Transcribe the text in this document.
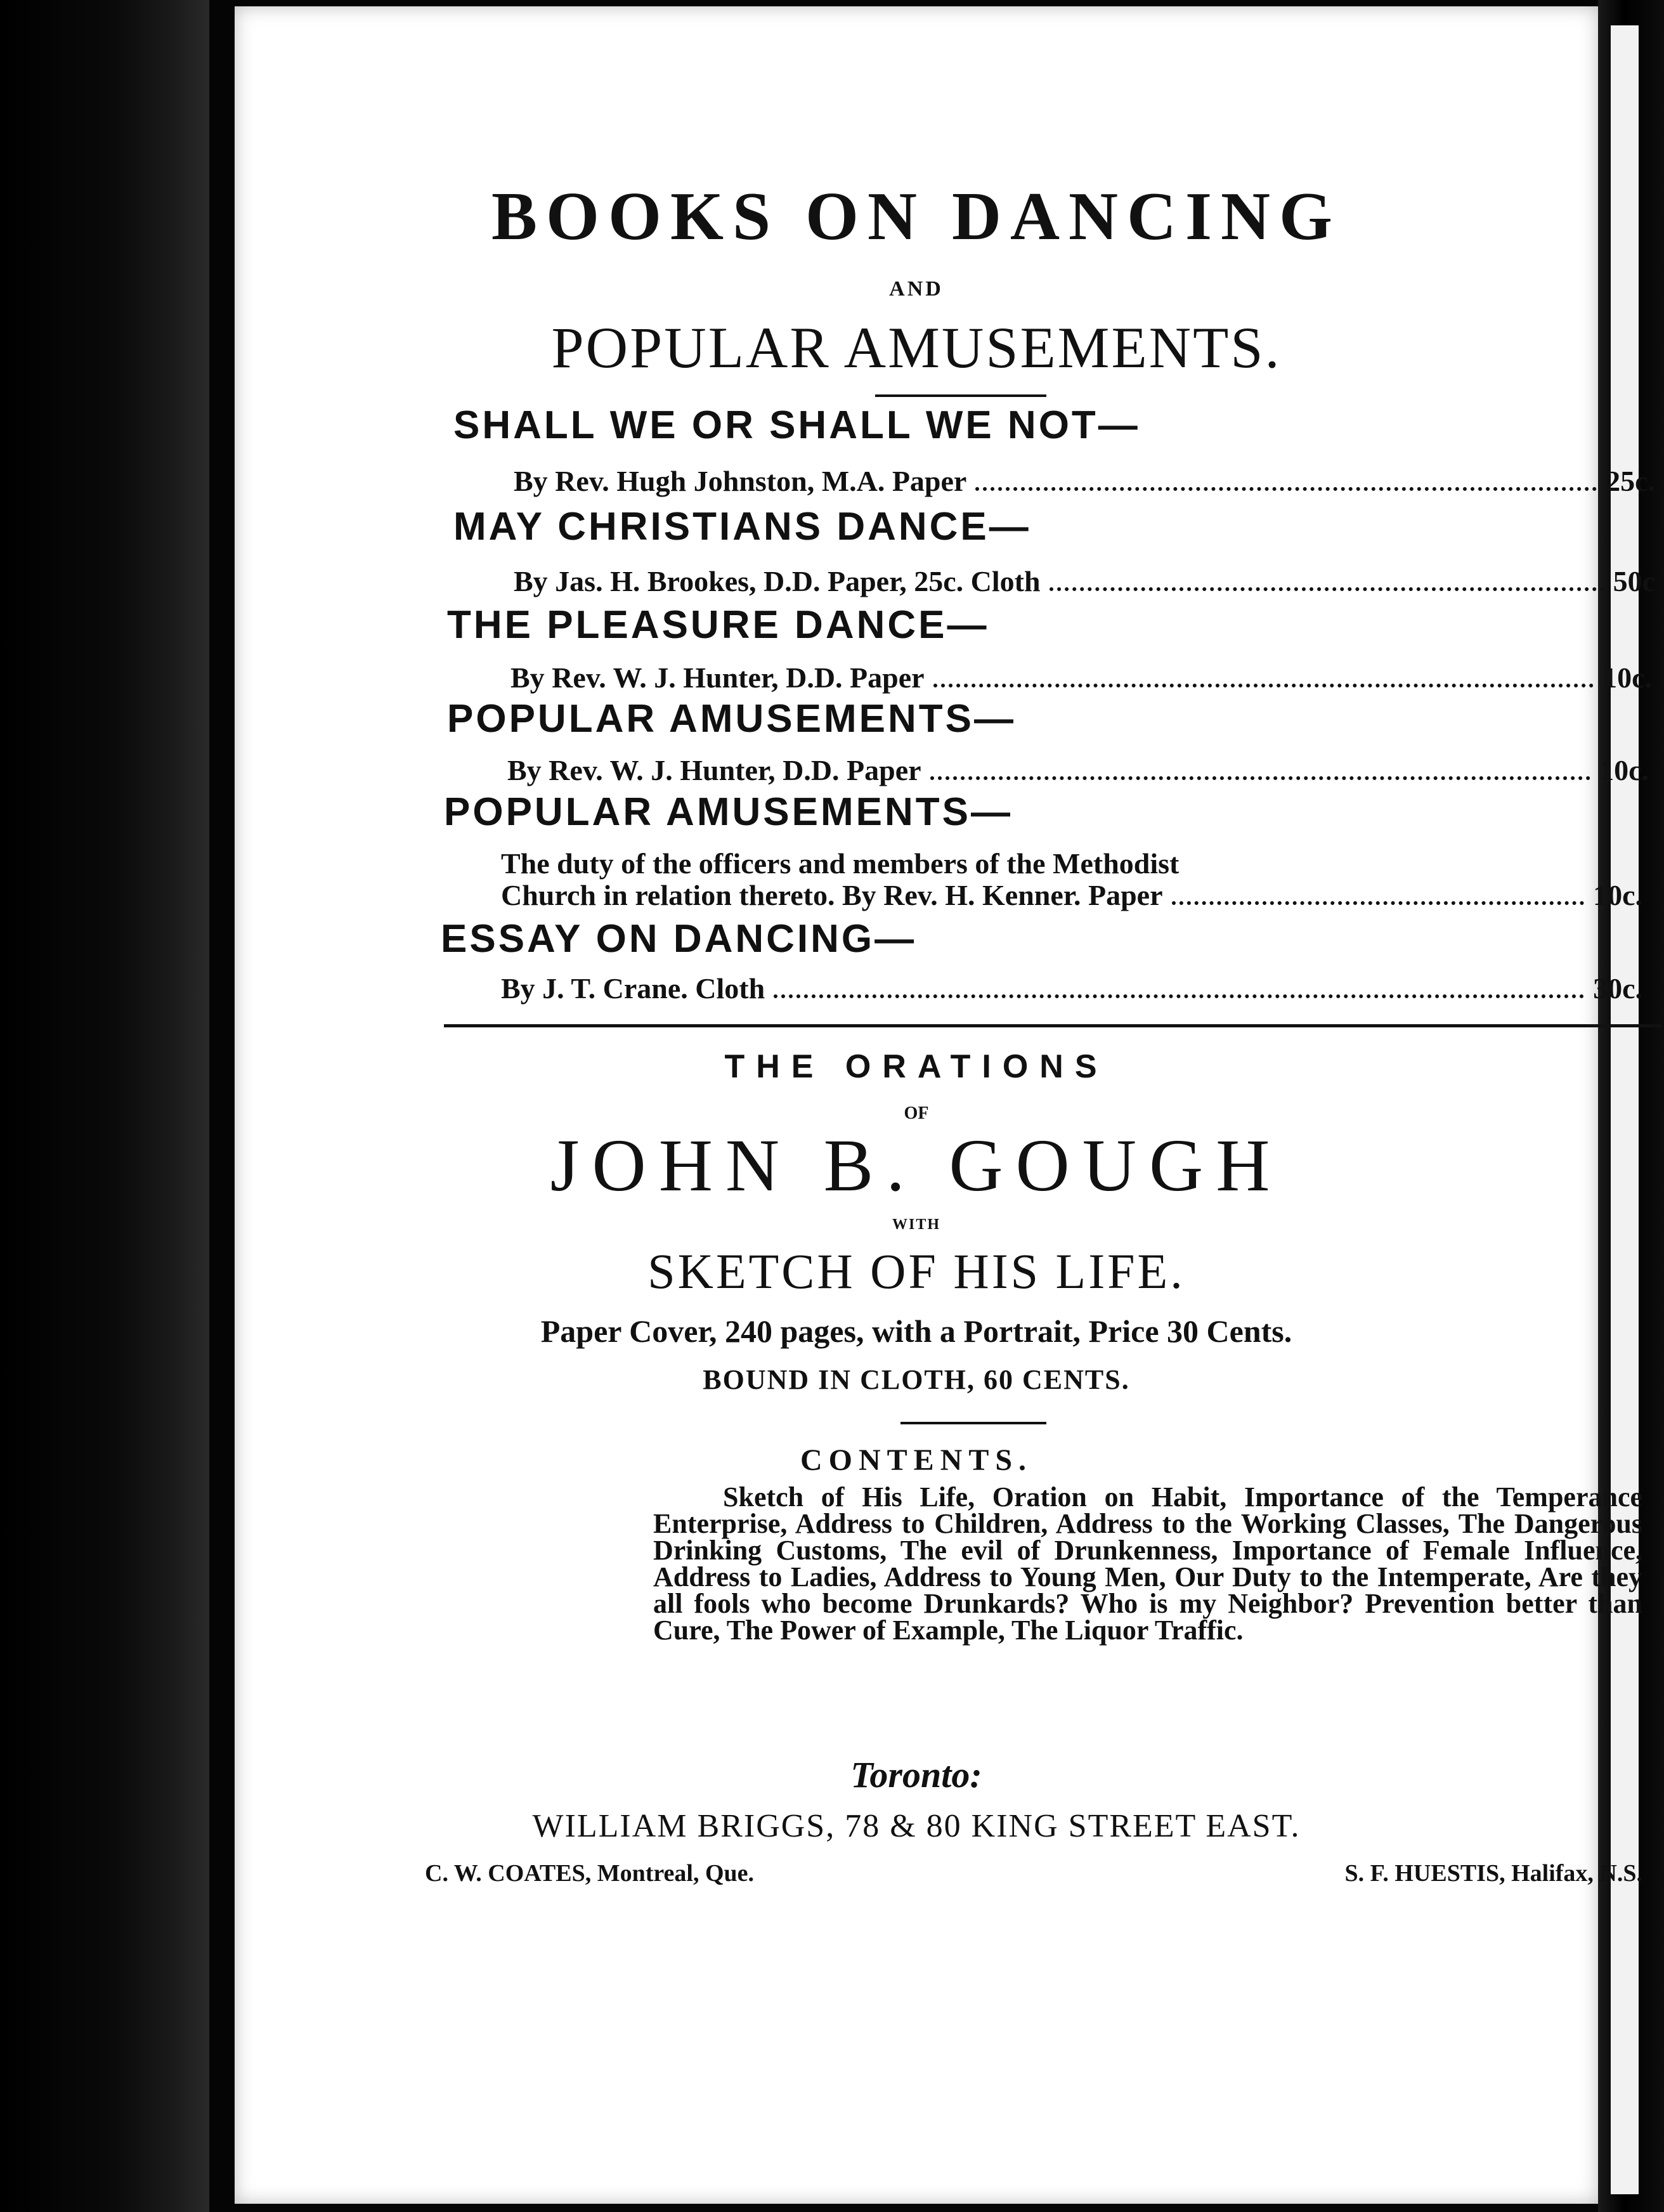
BOOKS ON DANCING

AND

POPULAR AMUSEMENTS.

SHALL WE OR SHALL WE NOT—

By Rev. Hugh Johnston, M.A. Paper	25c.

MAY CHRISTIANS DANCE—

By Jas. H. Brookes, D.D. Paper, 25c. Cloth	50c

THE PLEASURE DANCE—

By Rev. W. J. Hunter, D.D. Paper	10c.

POPULAR AMUSEMENTS—

By Rev. W. J. Hunter, D.D. Paper	10c.

POPULAR AMUSEMENTS—

The duty of the officers and members of the Methodist

Church in relation thereto. By Rev. H. Kenner. Paper	10c.

ESSAY ON DANCING—

By J. T. Crane. Cloth	30c.

THE ORATIONS

OF

JOHN B. GOUGH

WITH

SKETCH OF HIS LIFE.

Paper Cover, 240 pages, with a Portrait, Price 30 Cents.

BOUND IN CLOTH, 60 CENTS.

CONTENTS.

Sketch of His Life, Oration on Habit, Importance of the Temperance Enterprise, Address to Children, Address to the Working Classes, The Dangerous Drinking Customs, The evil of Drunkenness, Importance of Female Influence, Address to Ladies, Address to Young Men, Our Duty to the Intemperate, Are they all fools who become Drunkards? Who is my Neighbor? Prevention better than Cure, The Power of Example, The Liquor Traffic.

Toronto:

WILLIAM BRIGGS, 78 & 80 KING STREET EAST.

C. W. COATES, Montreal, Que.	S. F. HUESTIS, Halifax, N.S.
